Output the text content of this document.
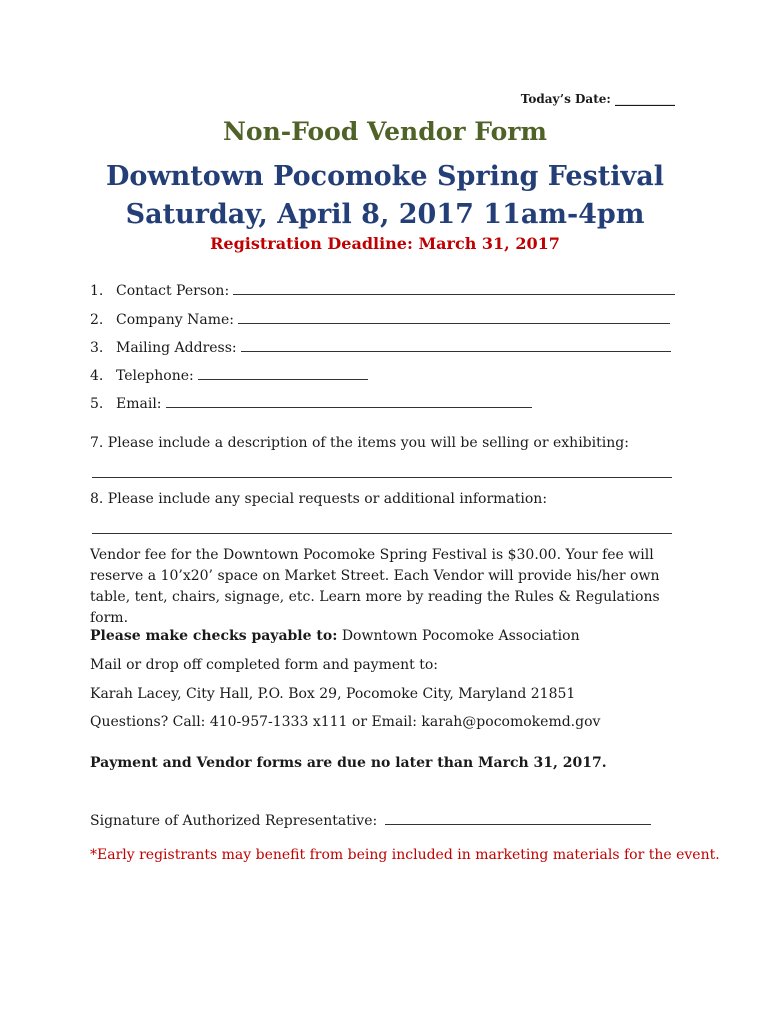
Today’s Date: __________
Non-Food Vendor Form
Downtown Pocomoke Spring Festival
Saturday, April 8, 2017 11am-4pm
Registration Deadline: March 31, 2017
1. Contact Person:
2. Company Name:
3. Mailing Address:
4. Telephone:
5. Email:
7. Please include a description of the items you will be selling or exhibiting:
8. Please include any special requests or additional information:
Vendor fee for the Downtown Pocomoke Spring Festival is $30.00. Your fee will reserve a 10’x20’ space on Market Street. Each Vendor will provide his/her own table, tent, chairs, signage, etc. Learn more by reading the Rules & Regulations form.
Please make checks payable to: Downtown Pocomoke Association
Mail or drop off completed form and payment to:
Karah Lacey, City Hall, P.O. Box 29, Pocomoke City, Maryland 21851
Questions? Call: 410-957-1333 x111 or Email: karah@pocomokemd.gov
Payment and Vendor forms are due no later than March 31, 2017.
Signature of Authorized Representative:
*Early registrants may benefit from being included in marketing materials for the event.
